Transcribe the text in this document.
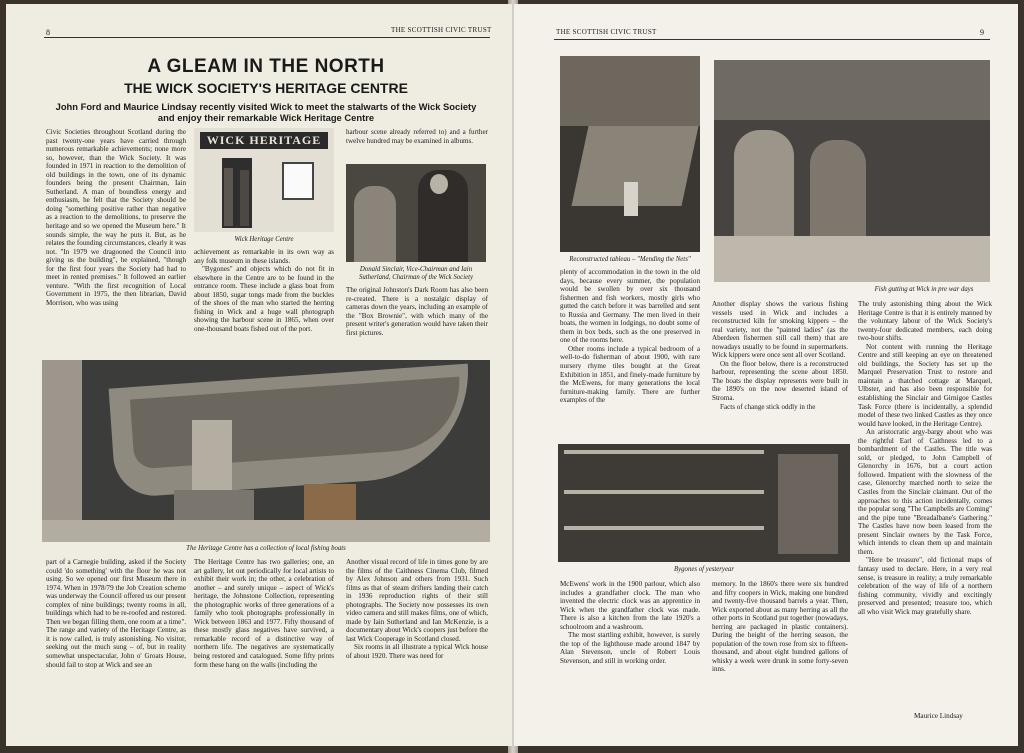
8	THE SCOTTISH CIVIC TRUST
A GLEAM IN THE NORTH
THE WICK SOCIETY'S HERITAGE CENTRE
John Ford and Maurice Lindsay recently visited Wick to meet the stalwarts of the Wick Society and enjoy their remarkable Wick Heritage Centre

Civic Societies throughout Scotland during the past twenty-one years have carried through numerous remarkable achievements; none more so, however, than the Wick Society. It was founded in 1971 in reaction to the demolition of old buildings in the town, one of its dynamic founders being the present Chairman, Iain Sutherland. A man of boundless energy and enthusiasm, he felt that the Society should be doing "something positive rather than negative as a reaction to the demolitions, to preserve the heritage and so we opened the Museum here." It sounds simple, the way he puts it. But, as he relates the founding circumstances, clearly it was not. "In 1979 we dragooned the Council into giving us the building", he explained, "though for the first four years the Society had had to meet in rented premises." It followed an earlier venture. "With the first recognition of Local Government in 1975, the then librarian, David Morrison, who was using

WICK HERITAGE
Wick Heritage Centre

achievement as remarkable in its own way as any folk museum in these islands.

"Bygones" and objects which do not fit in elsewhere in the Centre are to be found in the entrance room. These include a glass boat from about 1850, sugar tongs made from the buckles of the shoes of the man who started the herring fishing in Wick and a huge wall photograph showing the harbour scene in 1865, when over one-thousand boats fished out of the port.

harbour scene already referred to) and a further twelve hundred may be examined in albums.

Donald Sinclair, Vice-Chairman and Iain Sutherland, Chairman of the Wick Society

The original Johnston's Dark Room has also been re-created. There is a nostalgic display of cameras down the years, including an example of the "Box Brownie", with which many of the present writer's generation would have taken their first pictures.

The Heritage Centre has a collection of local fishing boats

part of a Carnegie building, asked if the Society could 'do something' with the floor he was not using. So we opened our first Museum there in 1974. When in 1978/79 the Job Creation scheme was underway the Council offered us our present complex of nine buildings; twenty rooms in all, buildings which had to be re-roofed and restored. Then we began filling them, one room at a time". The range and variety of the Heritage Centre, as it is now called, is truly astonishing. No visitor, seeking out the much sung – of, but in reality somewhat unspectacular, John o' Groats House, should fail to stop at Wick and see an

The Heritage Centre has two galleries; one, an art gallery, let out periodically for local artists to exhibit their work in; the other, a celebration of another – and surely unique – aspect of Wick's heritage, the Johnstone Collection, representing the photographic works of three generations of a family who took photographs professionally in Wick between 1863 and 1977. Fifty thousand of these mostly glass negatives have survived, a remarkable record of a distinctive way of northern life. The negatives are systematically being restored and catalogued. Some fifty prints form these hang on the walls (including the

Another visual record of life in times gone by are the films of the Caithness Cinema Club, filmed by Alex Johnson and others from 1931. Such films as that of steam drifters landing their catch in 1936 reproduction rights of their still photographs. The Society now possesses its own video camera and still makes films, one of which, made by Iain Sutherland and Ian McKenzie, is a documentary about Wick's coopers just before the last Wick Cooperage in Scotland closed.

Six rooms in all illustrate a typical Wick house of about 1920. There was need for

THE SCOTTISH CIVIC TRUST	9
Reconstructed tableau – "Mending the Nets"
Fish gutting at Wick in pre war days

plenty of accommodation in the town in the old days, because every summer, the population would be swollen by over six thousand fishermen and fish workers, mostly girls who gutted the catch before it was barrelled and sent to Russia and Germany. The men lived in their boats, the women in lodgings, no doubt some of them in box beds, such as the one preserved in one of the rooms here.

Other rooms include a typical bedroom of a well-to-do fisherman of about 1900, with rare nursery rhyme tiles bought at the Great Exhibition in 1851, and finely-made furniture by the McEwens, for many generations the local furniture-making family. There are further examples of the

Another display shows the various fishing vessels used in Wick and includes a reconstructed kiln for smoking kippers – the real variety, not the "painted ladies" (as the Aberdeen fishermen still call them) that are nowadays usually to be found in supermarkets. Wick kippers were once sent all over Scotland.

On the floor below, there is a reconstructed harbour, representing the scene about 1850. The boats the display represents were built in the 1890's on the now deserted island of Stroma.

Facts of change stick oddly in the

Bygones of yesteryear

McEwens' work in the 1900 parlour, which also includes a grandfather clock. The man who invented the electric clock was an apprentice in Wick when the grandfather clock was made. There is also a kitchen from the late 1920's a schoolroom and a washroom.

The most startling exhibit, however, is surely the top of the lighthouse made around 1847 by Alan Stevenson, uncle of Robert Louis Stevenson, and still in working order.

memory. In the 1860's there were six hundred and fifty coopers in Wick, making one hundred and twenty-five thousand barrels a year. Then, Wick exported about as many herring as all the other ports in Scotland put together (nowadays, herring are packaged in plastic containers). During the height of the herring season, the population of the town rose from six to fifteen-thousand, and about eight hundred gallons of whisky a week were drunk in some forty-seven inns.

The truly astonishing thing about the Wick Heritage Centre is that it is entirely manned by the voluntary labour of the Wick Society's twenty-four dedicated members, each doing two-hour shifts.

Not content with running the Heritage Centre and still keeping an eye on threatened old buildings, the Society has set up the Marquel Preservation Trust to restore and maintain a thatched cottage at Marquel, Ulbster, and has also been responsible for establishing the Sinclair and Girnigoe Castles Task Force (there is incidentally, a splendid model of these two linked Castles as they once would have looked, in the Heritage Centre).

An aristocratic argy-bargy about who was the rightful Earl of Caithness led to a bombardment of the Castles. The title was sold, or pledged, to John Campbell of Glenorchy in 1676, but a court action followed. Impatient with the slowness of the case, Glenorchy marched north to seize the Castles from the Sinclair claimant. Out of the approaches to this action incidentally, comes the popular song "The Campbells are Coming" and the pipe tune "Breadalbane's Gathering." The Castles have now been leased from the present Sinclair owners by the Task Force, which intends to clean them up and maintain them.

"Here be treasure", old fictional maps of fantasy used to declare. Here, in a very real sense, is treasure in reality; a truly remarkable celebration of the way of life of a northern fishing community, vividly and excitingly preserved and presented; treasure too, which all who visit Wick may gratefully share.

Maurice Lindsay
